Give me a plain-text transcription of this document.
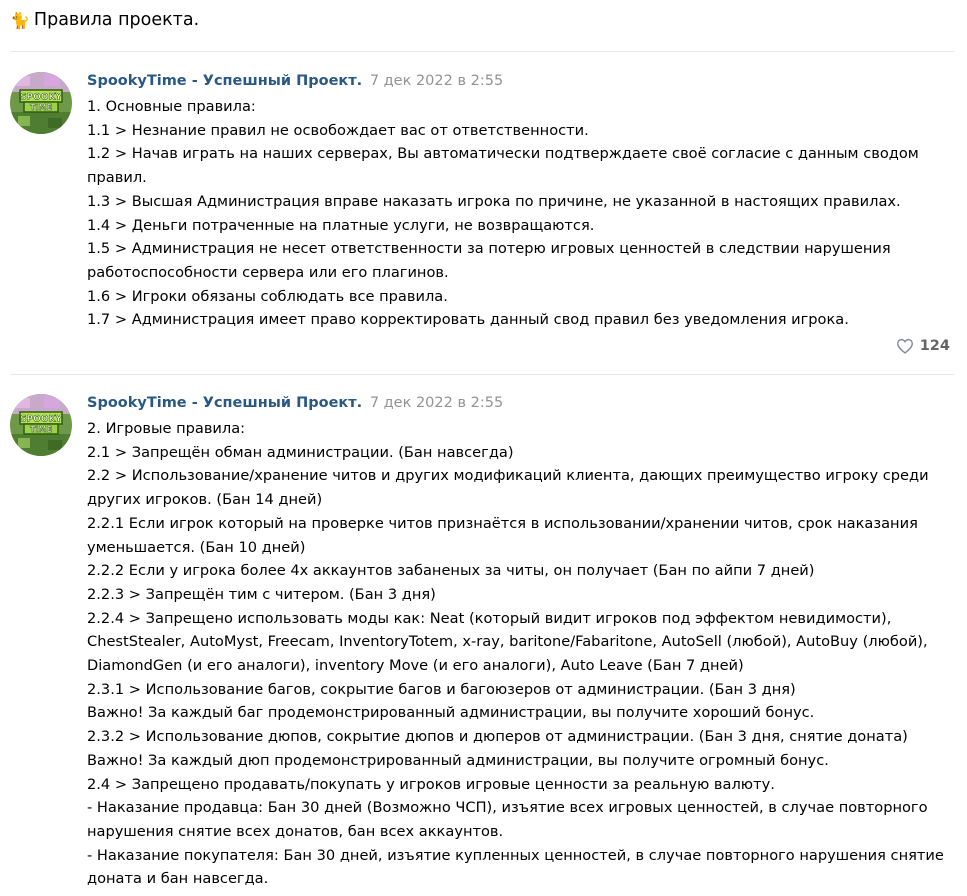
🐈 Правила проекта.
SPOOKY
TIME
SpookyTime - Успешный Проект. 7 дек 2022 в 2:55
1. Основные правила:
1.1 > Незнание правил не освобождает вас от ответственности.
1.2 > Начав играть на наших серверах, Вы автоматически подтверждаете своё согласие с данным сводом
правил.
1.3 > Высшая Администрация вправе наказать игрока по причине, не указанной в настоящих правилах.
1.4 > Деньги потраченные на платные услуги, не возвращаются.
1.5 > Администрация не несет ответственности за потерю игровых ценностей в следствии нарушения
работоспособности сервера или его плагинов.
1.6 > Игроки обязаны соблюдать все правила.
1.7 > Администрация имеет право корректировать данный свод правил без уведомления игрока.
124
SPOOKY
TIME
SpookyTime - Успешный Проект. 7 дек 2022 в 2:55
2. Игровые правила:
2.1 > Запрещён обман администрации. (Бан навсегда)
2.2 > Использование/хранение читов и других модификаций клиента, дающих преимущество игроку среди
других игроков. (Бан 14 дней)
2.2.1 Если игрок который на проверке читов признаётся в использовании/хранении читов, срок наказания
уменьшается. (Бан 10 дней)
2.2.2 Если у игрока более 4х аккаунтов забаненых за читы, он получает (Бан по айпи 7 дней)
2.2.3 > Запрещён тим с читером. (Бан 3 дня)
2.2.4 > Запрещено использовать моды как: Neat (который видит игроков под эффектом невидимости),
ChestStealer, AutoMyst, Freecam, InventoryTotem, x-ray, baritone/Fabaritone, AutoSell (любой), AutoBuy (любой),
DiamondGen (и его аналоги), inventory Move (и его аналоги), Auto Leave (Бан 7 дней)
2.3.1 > Использование багов, сокрытие багов и багоюзеров от администрации. (Бан 3 дня)
Важно! За каждый баг продемонстрированный администрации, вы получите хороший бонус.
2.3.2 > Использование дюпов, сокрытие дюпов и дюперов от администрации. (Бан 3 дня, снятие доната)
Важно! За каждый дюп продемонстрированный администрации, вы получите огромный бонус.
2.4 > Запрещено продавать/покупать у игроков игровые ценности за реальную валюту.
- Наказание продавца: Бан 30 дней (Возможно ЧСП), изъятие всех игровых ценностей, в случае повторного
нарушения снятие всех донатов, бан всех аккаунтов.
- Наказание покупателя: Бан 30 дней, изъятие купленных ценностей, в случае повторного нарушения снятие
доната и бан навсегда.
